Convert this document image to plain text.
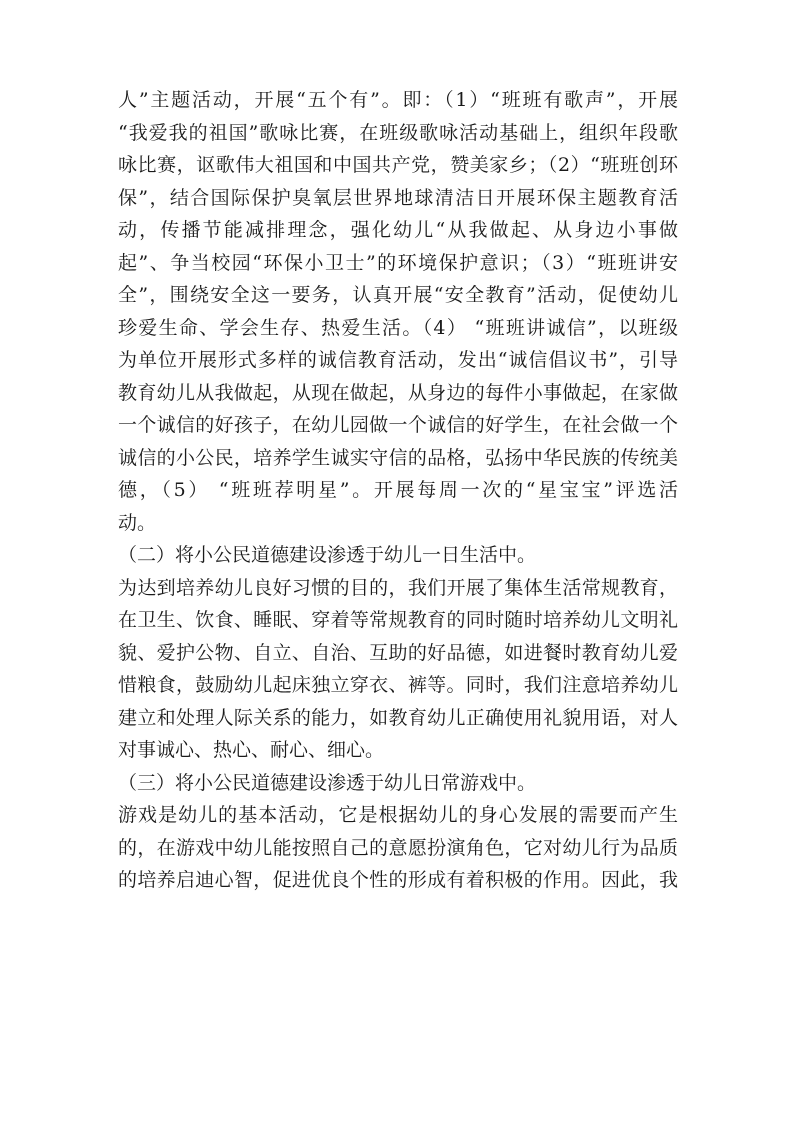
人”主题活动，开展“五个有”。即：（1）“班班有歌声”，开展
“我爱我的祖国”歌咏比赛，在班级歌咏活动基础上，组织年段歌
咏比赛，讴歌伟大祖国和中国共产党，赞美家乡；（2）“班班创环
保”，结合国际保护臭氧层世界地球清洁日开展环保主题教育活
动，传播节能减排理念，强化幼儿“从我做起、从身边小事做
起”、争当校园“环保小卫士”的环境保护意识；（3）“班班讲安
全”，围绕安全这一要务，认真开展“安全教育”活动，促使幼儿
珍爱生命、学会生存、热爱生活。（4） “班班讲诚信”，以班级
为单位开展形式多样的诚信教育活动，发出“诚信倡议书”，引导
教育幼儿从我做起，从现在做起，从身边的每件小事做起，在家做
一个诚信的好孩子，在幼儿园做一个诚信的好学生，在社会做一个
诚信的小公民，培养学生诚实守信的品格，弘扬中华民族的传统美
德，（5） “班班荐明星”。开展每周一次的“星宝宝”评选活
动。
（二）将小公民道德建设渗透于幼儿一日生活中。
为达到培养幼儿良好习惯的目的，我们开展了集体生活常规教育，
在卫生、饮食、睡眠、穿着等常规教育的同时随时培养幼儿文明礼
貌、爱护公物、自立、自治、互助的好品德，如进餐时教育幼儿爱
惜粮食，鼓励幼儿起床独立穿衣、裤等。同时，我们注意培养幼儿
建立和处理人际关系的能力，如教育幼儿正确使用礼貌用语，对人
对事诚心、热心、耐心、细心。
（三）将小公民道德建设渗透于幼儿日常游戏中。
游戏是幼儿的基本活动，它是根据幼儿的身心发展的需要而产生
的，在游戏中幼儿能按照自己的意愿扮演角色，它对幼儿行为品质
的培养启迪心智，促进优良个性的形成有着积极的作用。因此，我
